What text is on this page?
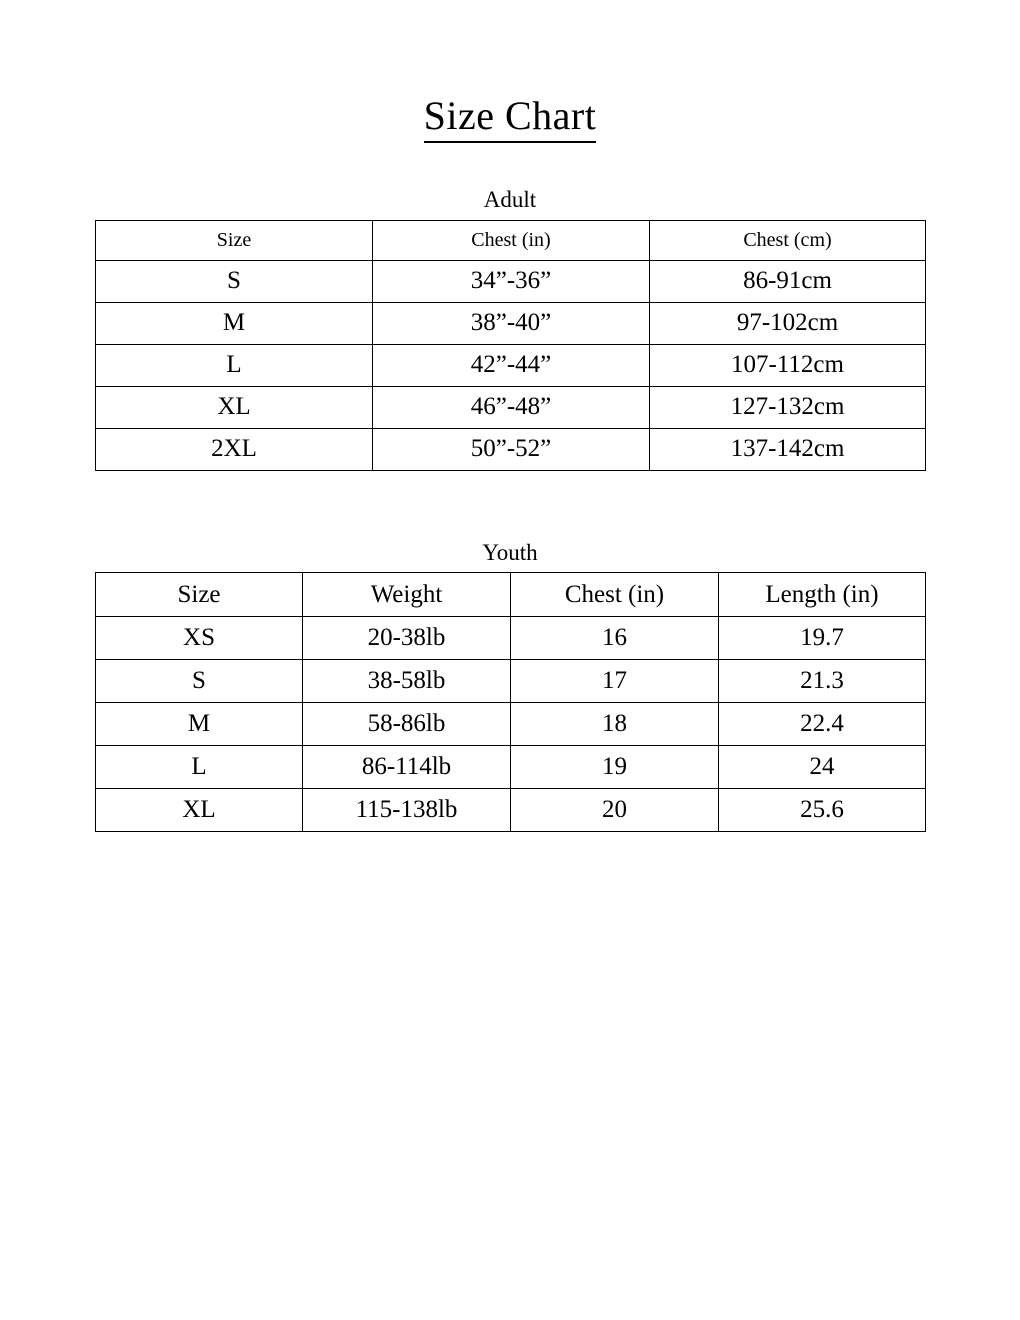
Size Chart
Adult
Size	Chest (in)	Chest (cm)
S	34”-36”	86-91cm
M	38”-40”	97-102cm
L	42”-44”	107-112cm
XL	46”-48”	127-132cm
2XL	50”-52”	137-142cm
Youth
Size	Weight	Chest (in)	Length (in)
XS	20-38lb	16	19.7
S	38-58lb	17	21.3
M	58-86lb	18	22.4
L	86-114lb	19	24
XL	115-138lb	20	25.6
